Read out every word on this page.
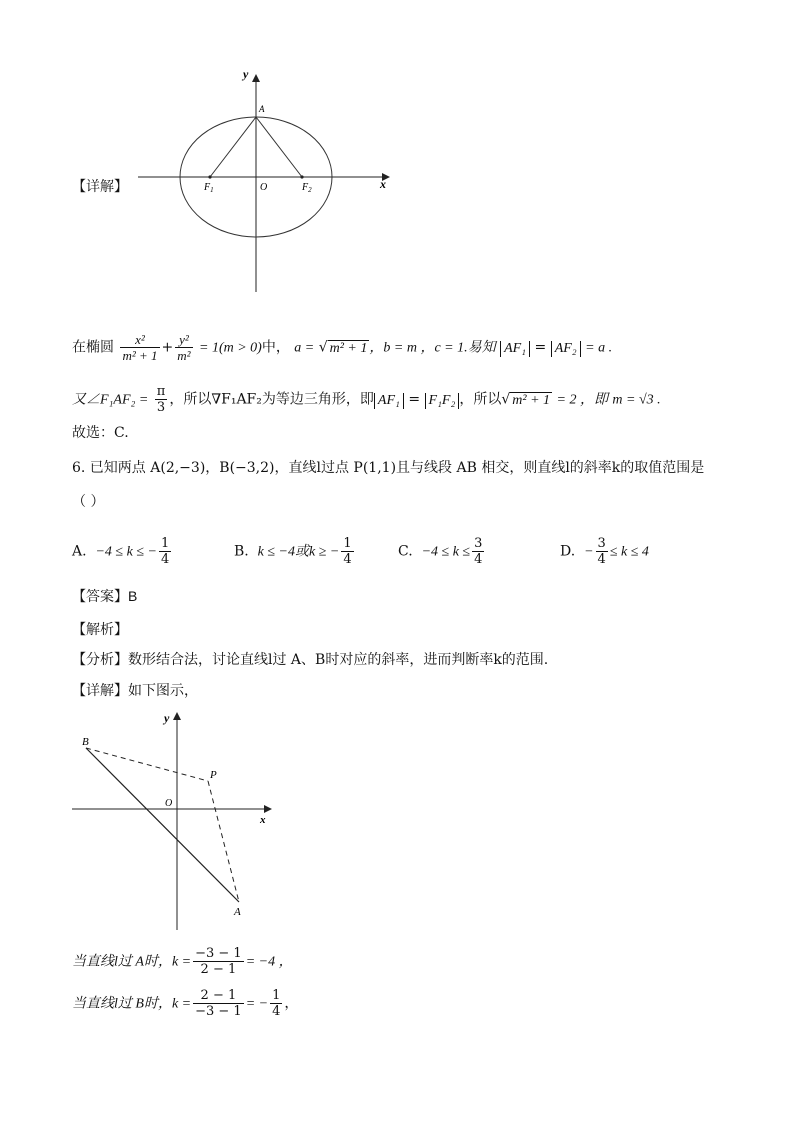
y
x
A
O
$F_1$	$F_2$
【详解】
在椭圆 $\frac{\text{x²}}{\text{m² + 1}} + \frac{\text{y²}}{\text{m²}} = 1(m > 0)$中， a = √ m² + 1 ，b = m ，c = 1.易知 AF₁ = AF₂ = a .
又∠F₁AF₂ = $\frac{\pi}{3}$ ，所以∇F₁AF₂为等边三角形，即 AF₁ = F₁F₂ ，所以√ m² + 1 = 2 ，即 m = √3 .
故选：C.
6. 已知两点 A(2,−3)，B(−3,2)，直线l过点 P(1,1)且与线段 AB 相交，则直线l的斜率k的取值范围是
（ ）
A. −4 ≤ k ≤ − $\frac{1}{4}$	B. k ≤ −4或k ≥ − $\frac{1}{4}$	C. $-4 \le k \le \frac{3}{4}$	D. − $\frac{3}{4} \le k \le 4$
【答案】B
【解析】
【分析】数形结合法，讨论直线l过 A、B时对应的斜率，进而判断率k的范围.
【详解】如下图示，
y
x
B
P
O
A
当直线l过 A时，$k = \frac{-3 - 1}{2 - 1} = -4$ ，
当直线l过 B时，$k = \frac{2 - 1}{-3 - 1}$ = − $\frac{1}{4}$ ，
